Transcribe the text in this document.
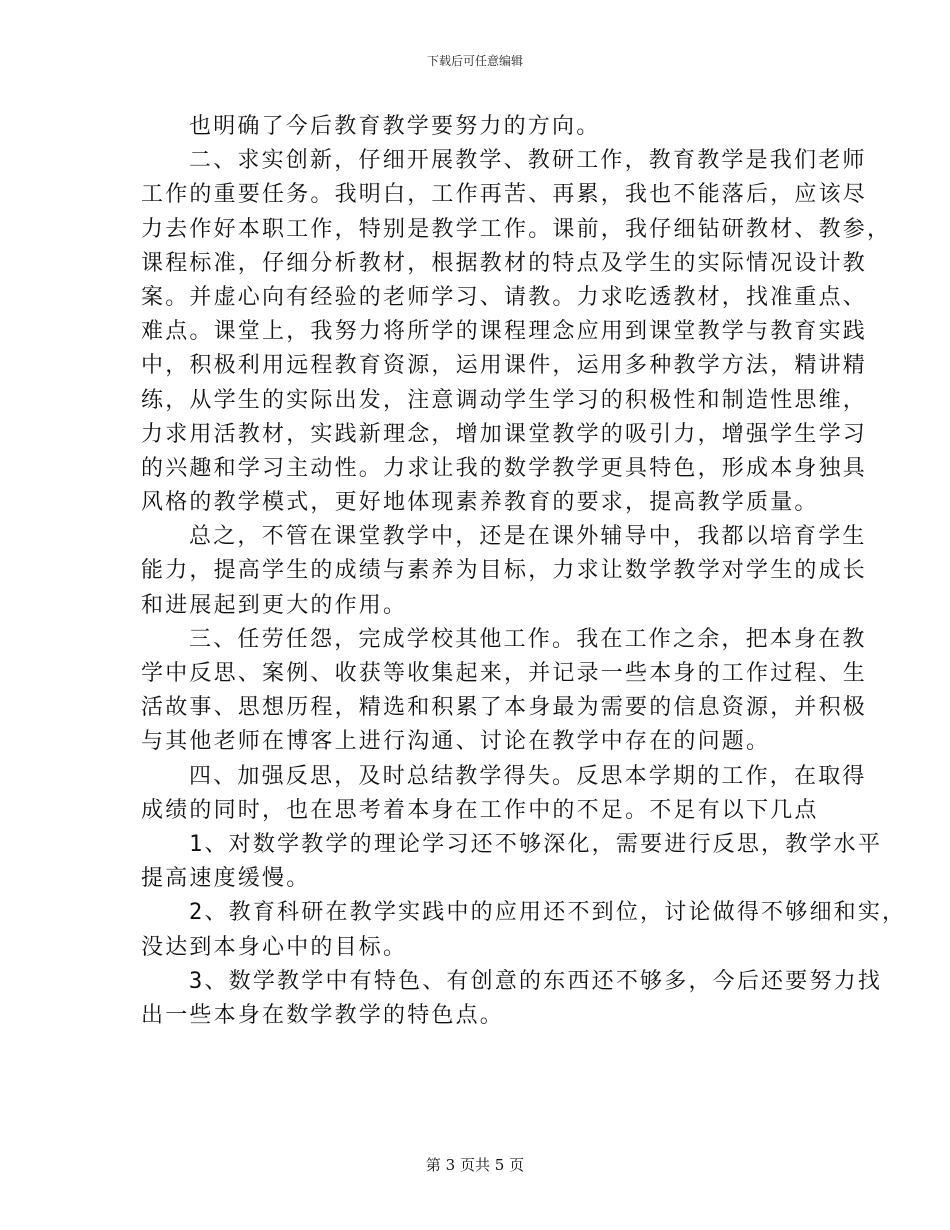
下载后可任意编辑
也明确了今后教育教学要努力的方向。
二、求实创新，仔细开展教学、教研工作，教育教学是我们老师
工作的重要任务。我明白，工作再苦、再累，我也不能落后，应该尽
力去作好本职工作，特别是教学工作。课前，我仔细钻研教材、教参，
课程标准，仔细分析教材，根据教材的特点及学生的实际情况设计教
案。并虚心向有经验的老师学习、请教。力求吃透教材，找准重点、
难点。课堂上，我努力将所学的课程理念应用到课堂教学与教育实践
中，积极利用远程教育资源，运用课件，运用多种教学方法，精讲精
练，从学生的实际出发，注意调动学生学习的积极性和制造性思维，
力求用活教材，实践新理念，增加课堂教学的吸引力，增强学生学习
的兴趣和学习主动性。力求让我的数学教学更具特色，形成本身独具
风格的教学模式，更好地体现素养教育的要求，提高教学质量。
总之，不管在课堂教学中，还是在课外辅导中，我都以培育学生
能力，提高学生的成绩与素养为目标，力求让数学教学对学生的成长
和进展起到更大的作用。
三、任劳任怨，完成学校其他工作。我在工作之余，把本身在教
学中反思、案例、收获等收集起来，并记录一些本身的工作过程、生
活故事、思想历程，精选和积累了本身最为需要的信息资源，并积极
与其他老师在博客上进行沟通、讨论在教学中存在的问题。
四、加强反思，及时总结教学得失。反思本学期的工作，在取得
成绩的同时，也在思考着本身在工作中的不足。不足有以下几点
1、对数学教学的理论学习还不够深化，需要进行反思，教学水平
提高速度缓慢。
2、教育科研在教学实践中的应用还不到位，讨论做得不够细和实，
没达到本身心中的目标。
3、数学教学中有特色、有创意的东西还不够多，今后还要努力找
出一些本身在数学教学的特色点。
第 3 页共 5 页
